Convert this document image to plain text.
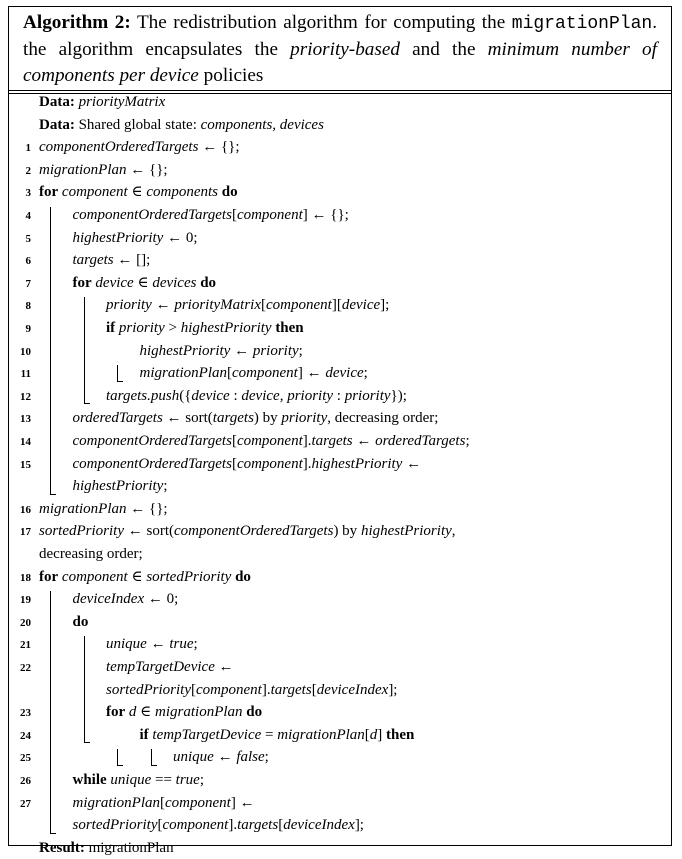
Algorithm 2: The redistribution algorithm for computing the migrationPlan. the algorithm encapsulates the priority-based and the minimum number of components per device policies
Data: priorityMatrix
Data: Shared global state: components, devices
1 componentOrderedTargets ← {};
2 migrationPlan ← {};
3 for component ∈ components do
4	componentOrderedTargets[component] ← {};
5	highestPriority ← 0;
6	targets ← [];
7	for device ∈ devices do
8	priority ← priorityMatrix[component][device];
9	if priority > highestPriority then
10	highestPriority ← priority;
11	migrationPlan[component] ← device;
12	targets.push({device : device, priority : priority});
13	orderedTargets ← sort(targets) by priority, decreasing order;
14	componentOrderedTargets[component].targets ← orderedTargets;
15	componentOrderedTargets[component].highestPriority ←
highestPriority;
16 migrationPlan ← {};
17 sortedPriority ← sort(componentOrderedTargets) by highestPriority,
decreasing order;
18 for component ∈ sortedPriority do
19	deviceIndex ← 0;
20	do
21	unique ← true;
22	tempTargetDevice ←
sortedPriority[component].targets[deviceIndex];
23	for d ∈ migrationPlan do
24	if tempTargetDevice = migrationPlan[d] then
25	unique ← false;
26	while unique == true;
27	migrationPlan[component] ←
sortedPriority[component].targets[deviceIndex];
Result: migrationPlan
